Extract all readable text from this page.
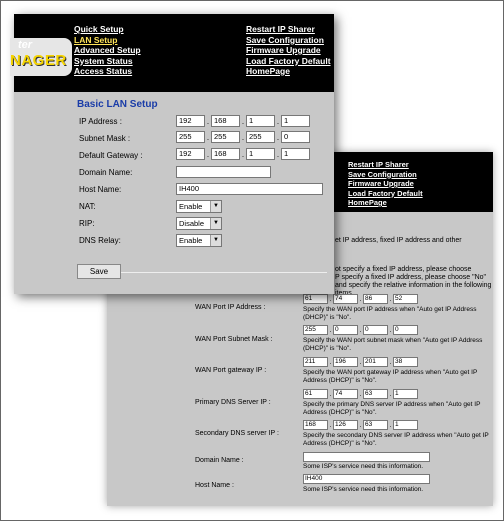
Restart IP Sharer
Save Configuration
Firmware Upgrade
Load Factory Default
HomePage
et IP address, fixed IP address and other
ot specify a fixed IP address, please choose
P specify a fixed IP address, please choose "No"
and specify the relative information in the following
WAN Port IP Address :
61	. 74	. 86	. 52
Specify the WAN port IP address when "Auto get IP Address (DHCP)" is "No".
WAN Port Subnet Mask :
255	. 0	. 0	. 0
Specify the WAN port subnet mask when "Auto get IP Address (DHCP)" is "No".
WAN Port gateway IP :
211	. 196	. 201	. 38
Specify the WAN port gateway IP address when "Auto get IP Address (DHCP)" is "No".
Primary DNS Server IP :
61	. 74	. 63	. 1
Specify the primary DNS server IP address when "Auto get IP Address (DHCP)" is "No".
Secondary DNS server IP :
168	. 126	. 63	. 1
Specify the secondary DNS server IP address when "Auto get IP Address (DHCP)" is "No".
Domain Name :
Some ISP's service need this information.
Host Name :
IH400
Some ISP's service need this information.
ter
NAGER
Quick Setup
LAN Setup
Advanced Setup
System Status
Access Status
Restart IP Sharer
Save Configuration
Firmware Upgrade
Load Factory Default
HomePage
Basic LAN Setup
IP Address :	192	. 168	. 1	. 1
Subnet Mask :	255	. 255	. 255	. 0
Default Gateway :	192	. 168	. 1	. 1
Domain Name:
Host Name:	IH400
NAT:	Enable	▼
RIP:	Disable	▼
DNS Relay:	Enable	▼
Save
